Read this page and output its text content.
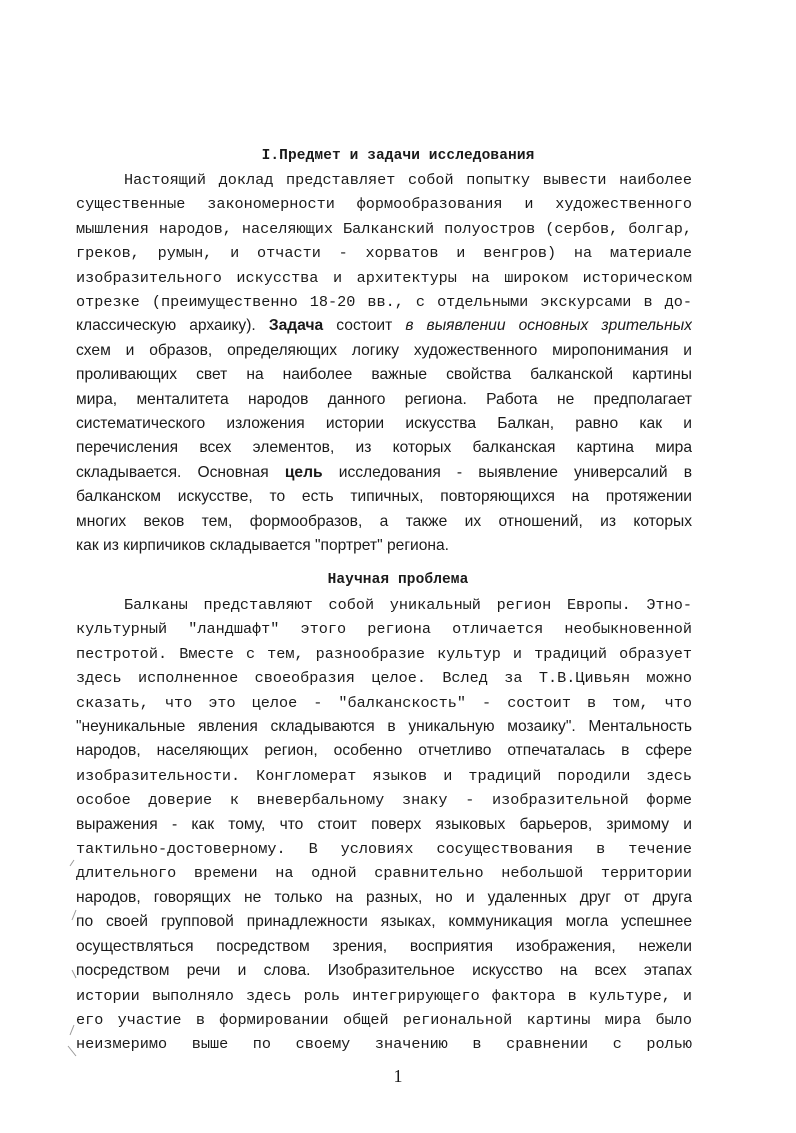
I.Предмет и задачи исследования
Настоящий доклад представляет собой попытку вывести наиболее
существенные закономерности формообразования и художественного
мышления народов, населяющих Балканский полуостров (сербов, болгар,
греков, румын, и отчасти - хорватов и венгров) на материале
изобразительного искусства и архитектуры на широком историческом
отрезке (преимущественно 18-20 вв., с отдельными экскурсами в до-
классическую архаику). Задача состоит в выявлении основных зрительных
схем и образов, определяющих логику художественного миропонимания и
проливающих свет на наиболее важные свойства балканской картины
мира, менталитета народов данного региона. Работа не предполагает
систематического изложения истории искусства Балкан, равно как и
перечисления всех элементов, из которых балканская картина мира
складывается. Основная цель исследования - выявление универсалий в
балканском искусстве, то есть типичных, повторяющихся на протяжении
многих веков тем, формообразов, а также их отношений, из которых
как из кирпичиков складывается "портрет" региона.
Научная проблема
Балканы представляют собой уникальный регион Европы. Этно-
культурный "ландшафт" этого региона отличается необыкновенной
пестротой. Вместе с тем, разнообразие культур и традиций образует
здесь исполненное своеобразия целое. Вслед за Т.В.Цивьян можно
сказать, что это целое - "балканскость" - состоит в том, что
"неуникальные явления складываются в уникальную мозаику". Ментальность
народов, населяющих регион, особенно отчетливо отпечаталась в сфере
изобразительности. Конгломерат языков и традиций породили здесь
особое доверие к вневербальному знаку - изобразительной форме
выражения - как тому, что стоит поверх языковых барьеров, зримому и
тактильно-достоверному. В условиях сосуществования в течение
длительного времени на одной сравнительно небольшой территории
народов, говорящих не только на разных, но и удаленных друг от друга
по своей групповой принадлежности языках, коммуникация могла успешнее
осуществляться посредством зрения, восприятия изображения, нежели
посредством речи и слова. Изобразительное искусство на всех этапах
истории выполняло здесь роль интегрирующего фактора в культуре, и
его участие в формировании общей региональной картины мира было
неизмеримо выше по своему значению в сравнении с ролью
1
